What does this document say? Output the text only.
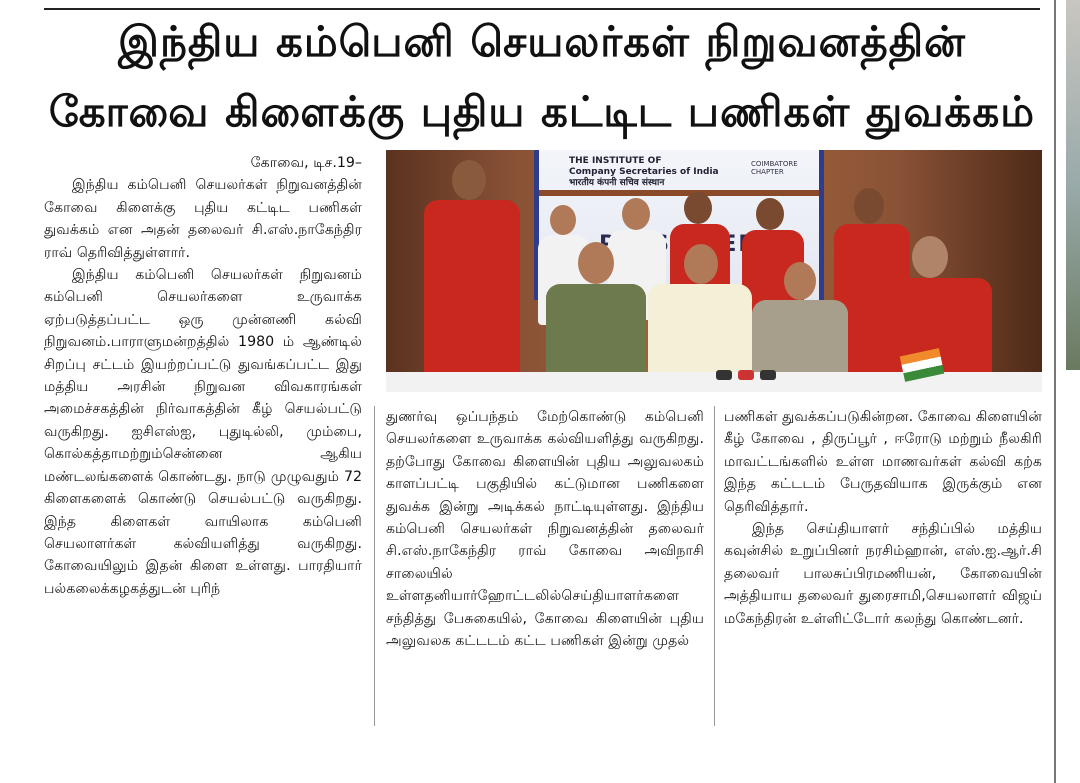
இந்திய கம்பெனி செயலர்கள் நிறுவனத்தின்
கோவை கிளைக்கு புதிய கட்டிட பணிகள் துவக்கம்

கோவை, டிச.19–

இந்திய கம்பெனி செயலர்கள் நிறுவனத்தின் கோவை கிளைக்கு புதிய கட்டிட பணிகள் துவக்கம் என அதன் தலைவர் சி.எஸ்.நாகேந்திர ராவ் தெரிவித்துள்ளார்.

இந்திய கம்பெனி செயலர்கள் நிறுவனம் கம்பெனி செயலர்களை உருவாக்க ஏற்படுத்தப்பட்ட ஒரு முன்னணி கல்வி நிறுவனம்.பாராளுமன்றத்தில் 1980 ம் ஆண்டில் சிறப்பு சட்டம் இயற்றப்பட்டு துவங்கப்பட்ட இது மத்திய அரசின் நிறுவன விவகாரங்கள் அமைச்சகத்தின் நிர்வாகத்தின் கீழ் செயல்பட்டு வருகிறது. ஐசிஎஸ்ஐ, புதுடில்லி, மும்பை, கொல்கத்தாமற்றும்சென்னை ஆகிய மண்டலங்களைக் கொண்டது. நாடு முழுவதும் 72 கிளைகளைக் கொண்டு செயல்பட்டு வருகிறது. இந்த கிளைகள் வாயிலாக கம்பெனி செயலாளர்கள் கல்வியளித்து வருகிறது. கோவையிலும் இதன் கிளை உள்ளது. பாரதியார் பல்கலைக்கழகத்துடன் புரிந்

THE INSTITUTE OF
Company Secretaries of India
भारतीय कंपनी सचिव संस्थान
COIMBATORE CHAPTER
MEET

துணர்வு ஒப்பந்தம் மேற்கொண்டு கம்பெனி செயலர்களை உருவாக்க கல்வியளித்து வருகிறது. தற்போது கோவை கிளையின் புதிய அலுவலகம் காளப்பட்டி பகுதியில் கட்டுமான பணிகளை துவக்க இன்று அடிக்கல் நாட்டியுள்ளது. இந்திய கம்பெனி செயலர்கள் நிறுவனத்தின் தலைவர் சி.எஸ்.நாகேந்திர ராவ் கோவை அவிநாசி சாலையில் உள்ளதனியார்ஹோட்டலில்செய்தியாளர்களை சந்தித்து பேசுகையில், கோவை கிளையின் புதிய அலுவலக கட்டடம் கட்ட பணிகள் இன்று முதல்

பணிகள் துவக்கப்படுகின்றன. கோவை கிளையின் கீழ் கோவை , திருப்பூர் , ஈரோடு மற்றும் நீலகிரி மாவட்டங்களில் உள்ள மாணவர்கள் கல்வி கற்க இந்த கட்டடம் பேருதவியாக இருக்கும் என தெரிவித்தார்.

இந்த செய்தியாளர் சந்திப்பில் மத்திய கவுன்சில் உறுப்பினர் நரசிம்ஹான், எஸ்.ஐ.ஆர்.சி தலைவர் பாலசுப்பிரமணியன், கோவையின் அத்தியாய தலைவர் துரைசாமி,செயலாளர் விஜய் மகேந்திரன் உள்ளிட்டோர் கலந்து கொண்டனர்.
